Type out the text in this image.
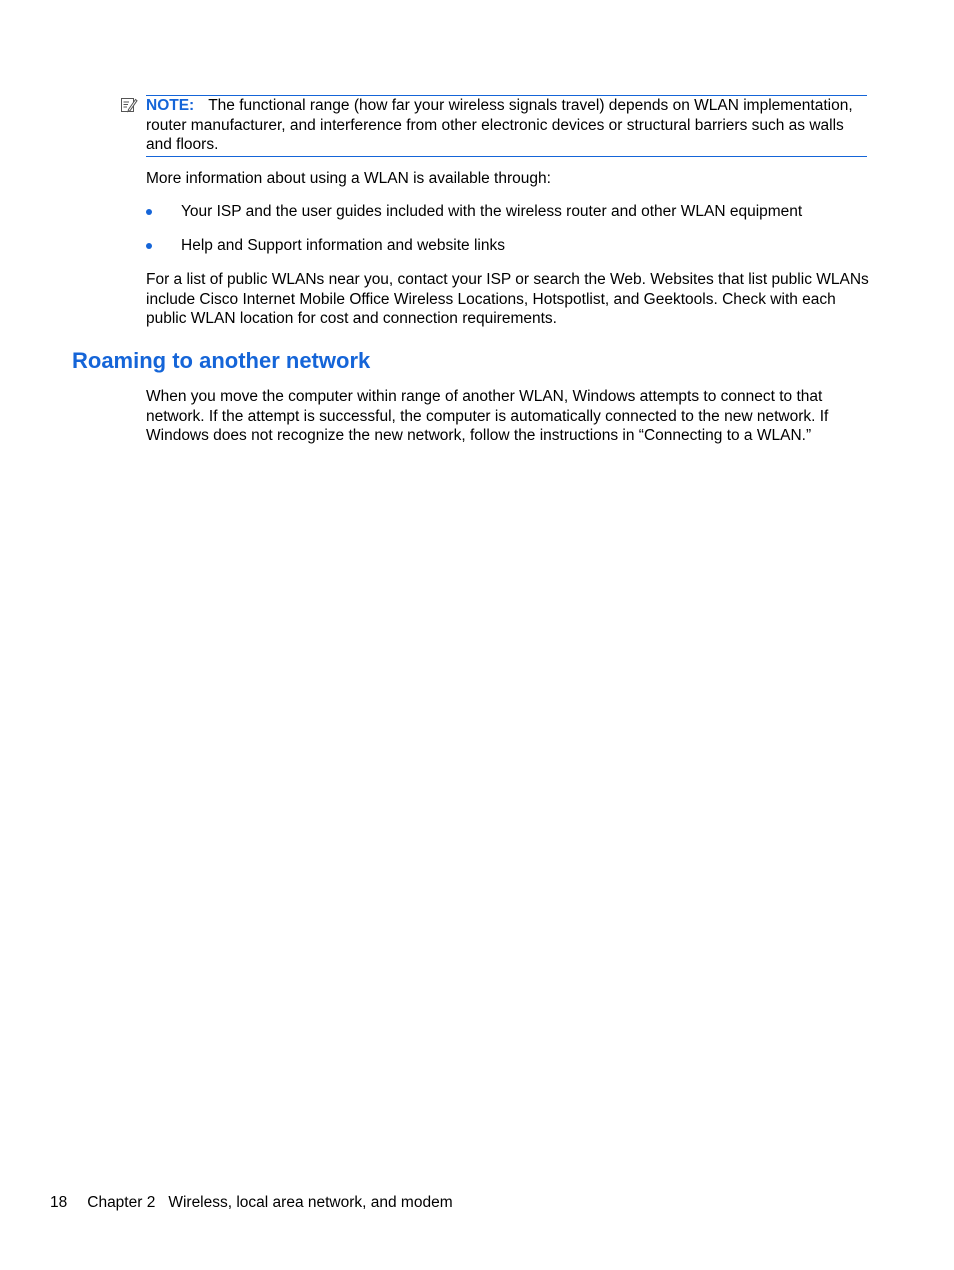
NOTE: The functional range (how far your wireless signals travel) depends on WLAN implementation, router manufacturer, and interference from other electronic devices or structural barriers such as walls and floors.

More information about using a WLAN is available through:

Your ISP and the user guides included with the wireless router and other WLAN equipment
Help and Support information and website links

For a list of public WLANs near you, contact your ISP or search the Web. Websites that list public WLANs include Cisco Internet Mobile Office Wireless Locations, Hotspotlist, and Geektools. Check with each public WLAN location for cost and connection requirements.

Roaming to another network

When you move the computer within range of another WLAN, Windows attempts to connect to that network. If the attempt is successful, the computer is automatically connected to the new network. If Windows does not recognize the new network, follow the instructions in “Connecting to a WLAN.”

18 Chapter 2 Wireless, local area network, and modem
